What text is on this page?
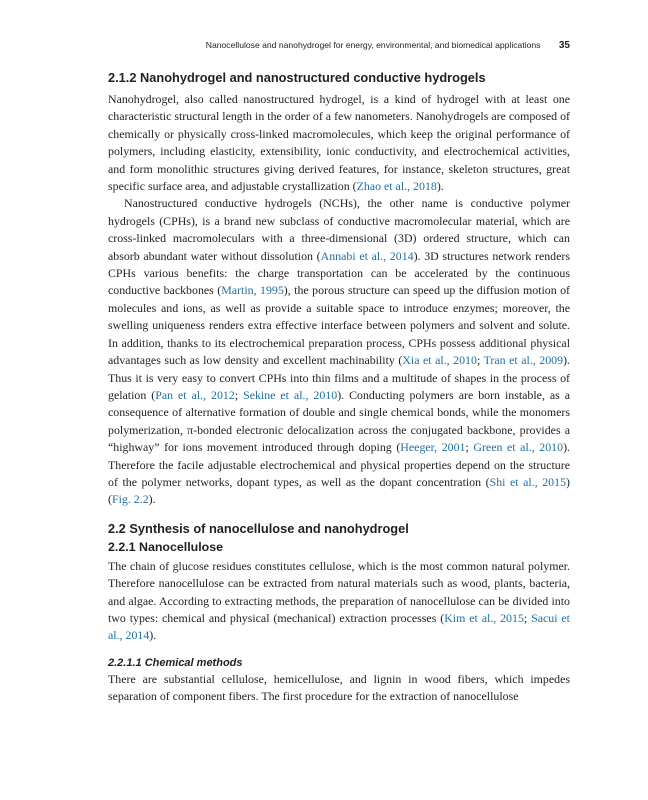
Nanocellulose and nanohydrogel for energy, environmental, and biomedical applications 35
2.1.2 Nanohydrogel and nanostructured conductive hydrogels

Nanohydrogel, also called nanostructured hydrogel, is a kind of hydrogel with at least one characteristic structural length in the order of a few nanometers. Nanohydrogels are composed of chemically or physically cross-linked macromolecules, which keep the original performance of polymers, including elasticity, extensibility, ionic conductivity, and electrochemical activities, and form monolithic structures giving derived features, for instance, skeleton structures, great specific surface area, and adjustable crystallization (Zhao et al., 2018).

Nanostructured conductive hydrogels (NCHs), the other name is conductive polymer hydrogels (CPHs), is a brand new subclass of conductive macromolecular material, which are cross-linked macromoleculars with a three-dimensional (3D) ordered structure, which can absorb abundant water without dissolution (Annabi et al., 2014). 3D structures network renders CPHs various benefits: the charge transportation can be accelerated by the continuous conductive backbones (Martin, 1995), the porous structure can speed up the diffusion motion of molecules and ions, as well as provide a suitable space to introduce enzymes; moreover, the swelling uniqueness renders extra effective interface between polymers and solvent and solute. In addition, thanks to its electrochemical preparation process, CPHs possess additional physical advantages such as low density and excellent machinability (Xia et al., 2010; Tran et al., 2009). Thus it is very easy to convert CPHs into thin films and a multitude of shapes in the process of gelation (Pan et al., 2012; Sekine et al., 2010). Conducting polymers are born instable, as a consequence of alternative formation of double and single chemical bonds, while the monomers polymerization, π-bonded electronic delocalization across the conjugated backbone, provides a “highway” for ions movement introduced through doping (Heeger, 2001; Green et al., 2010). Therefore the facile adjustable electrochemical and physical properties depend on the structure of the polymer networks, dopant types, as well as the dopant concentration (Shi et al., 2015) (Fig. 2.2).

2.2 Synthesis of nanocellulose and nanohydrogel
2.2.1 Nanocellulose

The chain of glucose residues constitutes cellulose, which is the most common natural polymer. Therefore nanocellulose can be extracted from natural materials such as wood, plants, bacteria, and algae. According to extracting methods, the preparation of nanocellulose can be divided into two types: chemical and physical (mechanical) extraction processes (Kim et al., 2015; Sacui et al., 2014).

2.2.1.1 Chemical methods

There are substantial cellulose, hemicellulose, and lignin in wood fibers, which impedes separation of component fibers. The first procedure for the extraction of nanocellulose
